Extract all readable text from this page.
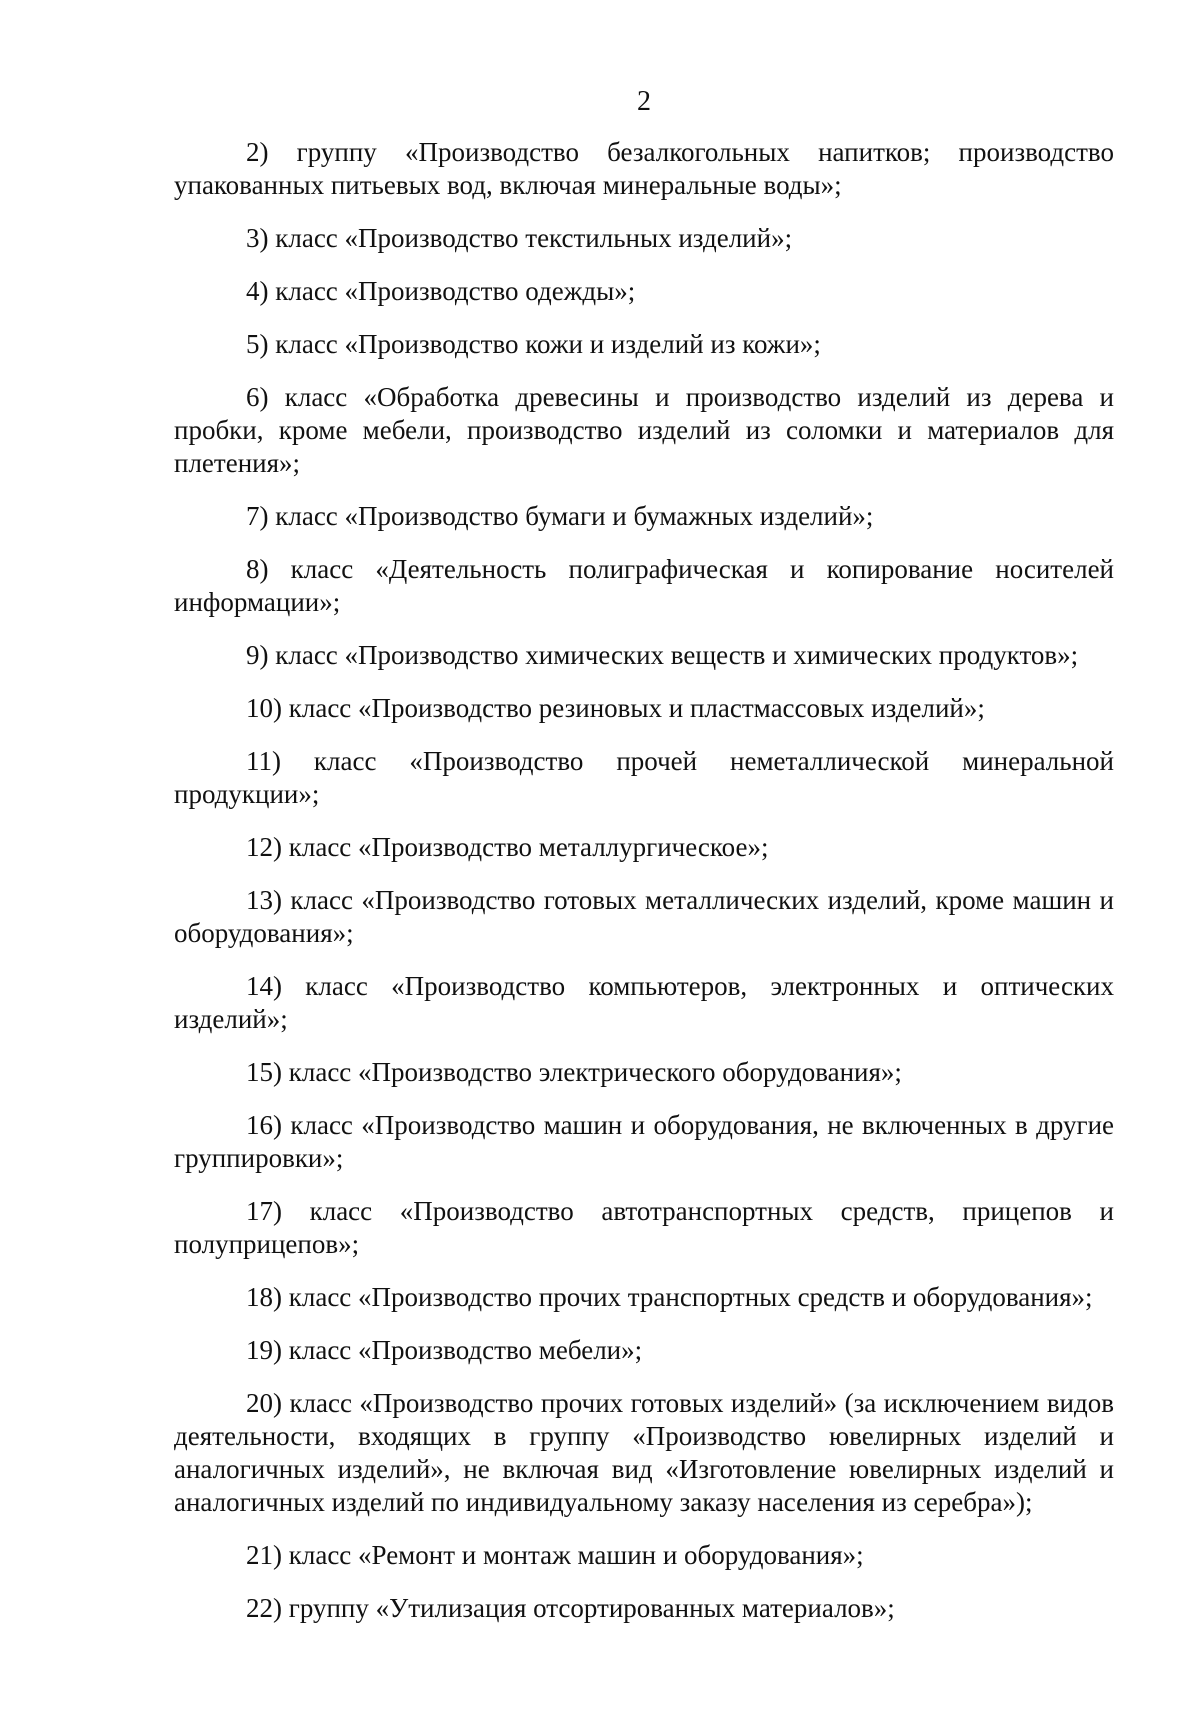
2

2) группу «Производство безалкогольных напитков; производство упакованных питьевых вод, включая минеральные воды»;
3) класс «Производство текстильных изделий»;
4) класс «Производство одежды»;
5) класс «Производство кожи и изделий из кожи»;
6) класс «Обработка древесины и производство изделий из дерева и пробки, кроме мебели, производство изделий из соломки и материалов для плетения»;
7) класс «Производство бумаги и бумажных изделий»;
8) класс «Деятельность полиграфическая и копирование носителей информации»;
9) класс «Производство химических веществ и химических продуктов»;
10) класс «Производство резиновых и пластмассовых изделий»;
11) класс «Производство прочей неметаллической минеральной продукции»;
12) класс «Производство металлургическое»;
13) класс «Производство готовых металлических изделий, кроме машин и оборудования»;
14) класс «Производство компьютеров, электронных и оптических изделий»;
15) класс «Производство электрического оборудования»;
16) класс «Производство машин и оборудования, не включенных в другие группировки»;
17) класс «Производство автотранспортных средств, прицепов и полуприцепов»;
18) класс «Производство прочих транспортных средств и оборудования»;
19) класс «Производство мебели»;
20) класс «Производство прочих готовых изделий» (за исключением видов деятельности, входящих в группу «Производство ювелирных изделий и аналогичных изделий», не включая вид «Изготовление ювелирных изделий и аналогичных изделий по индивидуальному заказу населения из серебра»);
21) класс «Ремонт и монтаж машин и оборудования»;
22) группу «Утилизация отсортированных материалов»;
